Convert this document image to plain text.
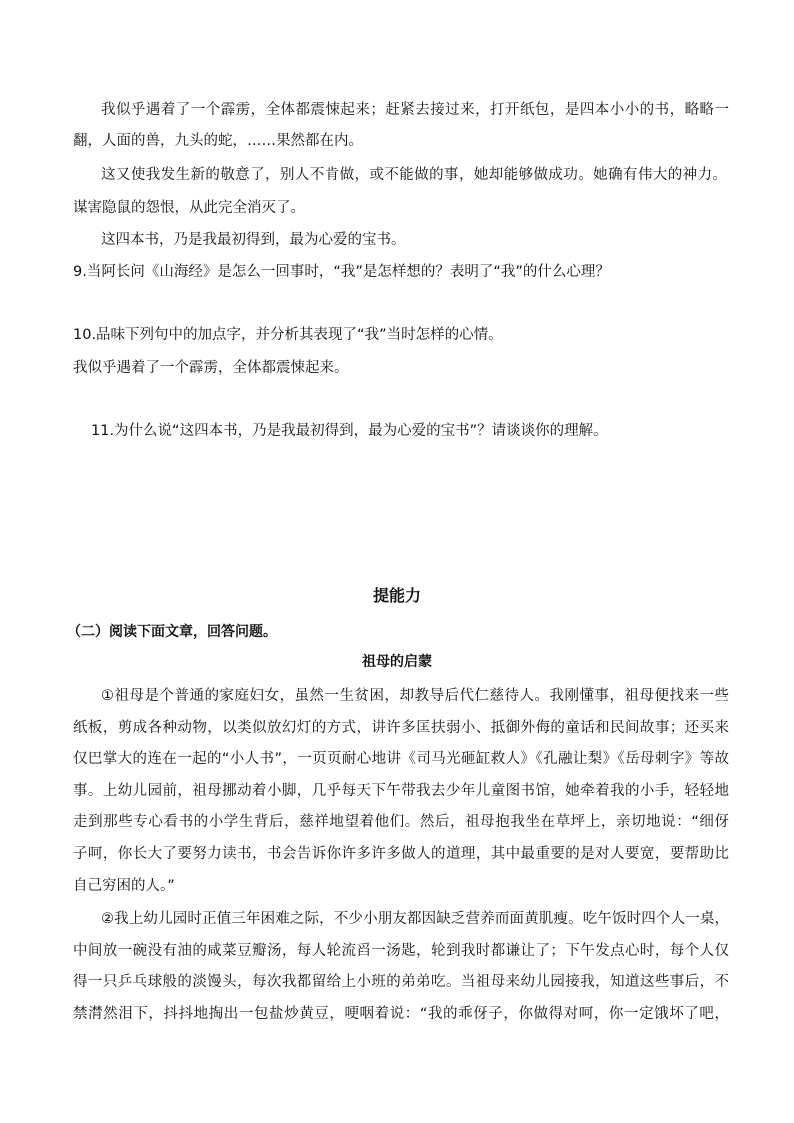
我似乎遇着了一个霹雳，全体都震悚起来；赶紧去接过来，打开纸包，是四本小小的书，略略一
翻，人面的兽，九头的蛇，……果然都在内。
这又使我发生新的敬意了，别人不肯做，或不能做的事，她却能够做成功。她确有伟大的神力。
谋害隐鼠的怨恨，从此完全消灭了。
这四本书，乃是我最初得到，最为心爱的宝书。
9.当阿长问《山海经》是怎么一回事时，“我”是怎样想的？表明了“我”的什么心理？
10.品味下列句中的加点字，并分析其表现了“我”当时怎样的心情。
我似乎遇着了一个霹雳，全体都震悚起来。
11.为什么说“这四本书，乃是我最初得到，最为心爱的宝书”？请谈谈你的理解。
提能力
（二）阅读下面文章，回答问题。
祖母的启蒙
①祖母是个普通的家庭妇女，虽然一生贫困，却教导后代仁慈待人。我刚懂事，祖母便找来一些
纸板，剪成各种动物，以类似放幻灯的方式，讲许多匡扶弱小、抵御外侮的童话和民间故事；还买来
仅巴掌大的连在一起的“小人书”，一页页耐心地讲《司马光砸缸救人》《孔融让梨》《岳母刺字》等故
事。上幼儿园前，祖母挪动着小脚，几乎每天下午带我去少年儿童图书馆，她牵着我的小手，轻轻地
走到那些专心看书的小学生背后，慈祥地望着他们。然后，祖母抱我坐在草坪上，亲切地说：“细伢
子呵，你长大了要努力读书，书会告诉你许多许多做人的道理，其中最重要的是对人要宽，要帮助比
自己穷困的人。”
②我上幼儿园时正值三年困难之际，不少小朋友都因缺乏营养而面黄肌瘦。吃午饭时四个人一桌，
中间放一碗没有油的咸菜豆瓣汤，每人轮流舀一汤匙，轮到我时都谦让了；下午发点心时，每个人仅
得一只乒乓球般的淡馒头，每次我都留给上小班的弟弟吃。当祖母来幼儿园接我，知道这些事后，不
禁潸然泪下，抖抖地掏出一包盐炒黄豆，哽咽着说：“我的乖伢子，你做得对呵，你一定饿坏了吧，
